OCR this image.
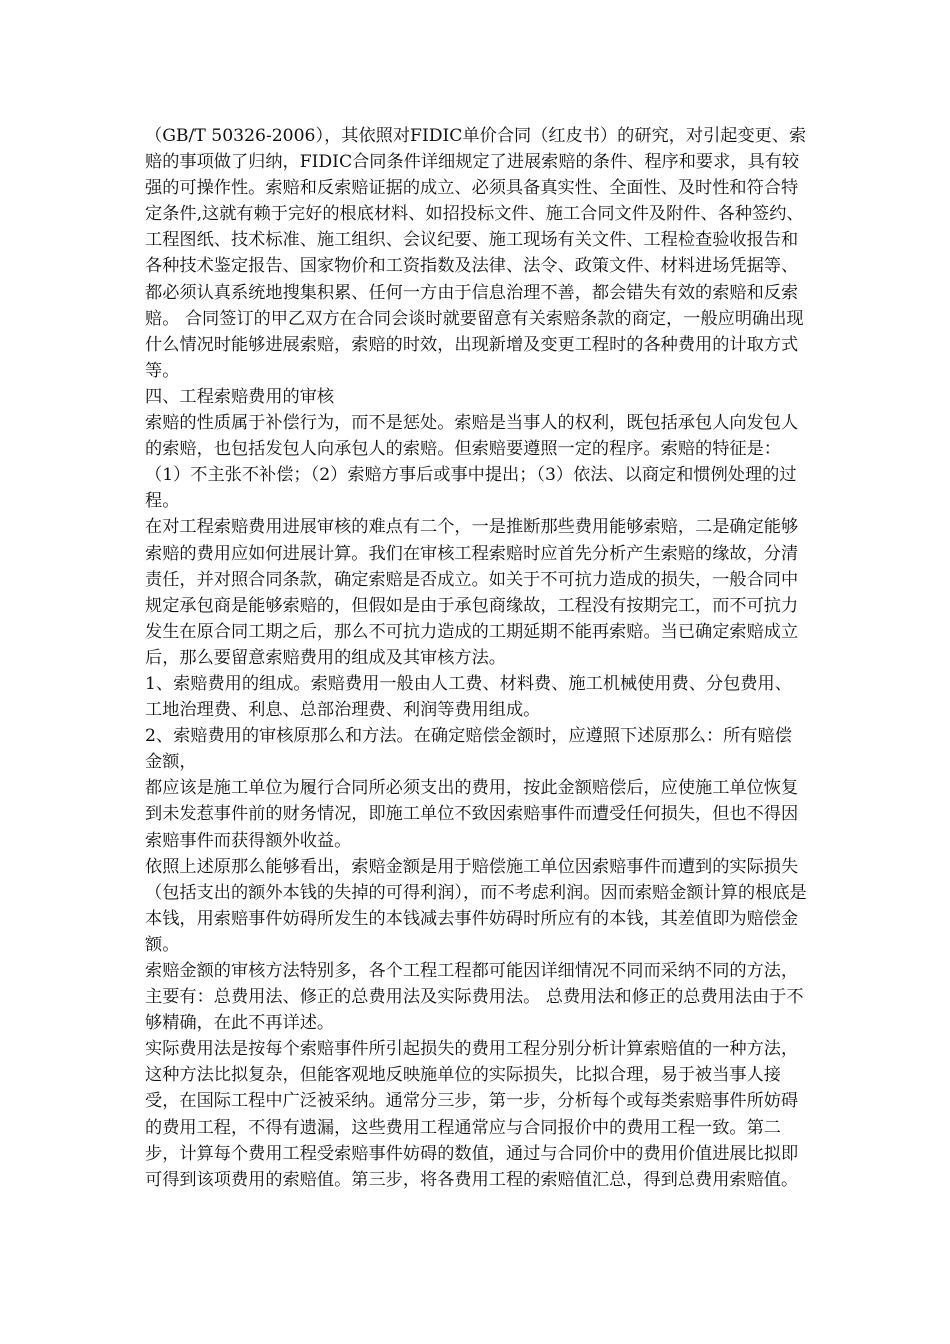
（GB/T 50326-2006），其依照对FIDIC单价合同（红皮书）的研究，对引起变更、索赔的事项做了归纳，FIDIC合同条件详细规定了进展索赔的条件、程序和要求，具有较强的可操作性。索赔和反索赔证据的成立、必须具备真实性、全面性、及时性和符合特定条件,这就有赖于完好的根底材料、如招投标文件、施工合同文件及附件、各种签约、工程图纸、技术标准、施工组织、会议纪要、施工现场有关文件、工程检查验收报告和各种技术鉴定报告、国家物价和工资指数及法律、法令、政策文件、材料进场凭据等、都必须认真系统地搜集积累、任何一方由于信息治理不善，都会错失有效的索赔和反索赔。 合同签订的甲乙双方在合同会谈时就要留意有关索赔条款的商定，一般应明确出现什么情况时能够进展索赔，索赔的时效，出现新增及变更工程时的各种费用的计取方式等。

四、工程索赔费用的审核

索赔的性质属于补偿行为，而不是惩处。索赔是当事人的权利，既包括承包人向发包人的索赔，也包括发包人向承包人的索赔。但索赔要遵照一定的程序。索赔的特征是：（1）不主张不补偿；（2）索赔方事后或事中提出；（3）依法、以商定和惯例处理的过程。

在对工程索赔费用进展审核的难点有二个，一是推断那些费用能够索赔，二是确定能够索赔的费用应如何进展计算。我们在审核工程索赔时应首先分析产生索赔的缘故，分清责任，并对照合同条款，确定索赔是否成立。如关于不可抗力造成的损失，一般合同中规定承包商是能够索赔的，但假如是由于承包商缘故，工程没有按期完工，而不可抗力发生在原合同工期之后，那么不可抗力造成的工期延期不能再索赔。当已确定索赔成立后，那么要留意索赔费用的组成及其审核方法。

1、索赔费用的组成。索赔费用一般由人工费、材料费、施工机械使用费、分包费用、工地治理费、利息、总部治理费、利润等费用组成。

2、索赔费用的审核原那么和方法。在确定赔偿金额时，应遵照下述原那么：所有赔偿金额，

都应该是施工单位为履行合同所必须支出的费用，按此金额赔偿后，应使施工单位恢复到未发惹事件前的财务情况，即施工单位不致因索赔事件而遭受任何损失，但也不得因索赔事件而获得额外收益。

依照上述原那么能够看出，索赔金额是用于赔偿施工单位因索赔事件而遭到的实际损失（包括支出的额外本钱的失掉的可得利润），而不考虑利润。因而索赔金额计算的根底是本钱，用索赔事件妨碍所发生的本钱减去事件妨碍时所应有的本钱，其差值即为赔偿金额。

索赔金额的审核方法特别多，各个工程工程都可能因详细情况不同而采纳不同的方法，主要有：总费用法、修正的总费用法及实际费用法。 总费用法和修正的总费用法由于不够精确，在此不再详述。

实际费用法是按每个索赔事件所引起损失的费用工程分别分析计算索赔值的一种方法，这种方法比拟复杂，但能客观地反映施单位的实际损失，比拟合理，易于被当事人接受，在国际工程中广泛被采纳。通常分三步，第一步，分析每个或每类索赔事件所妨碍的费用工程，不得有遗漏，这些费用工程通常应与合同报价中的费用工程一致。第二步，计算每个费用工程受索赔事件妨碍的数值，通过与合同价中的费用价值进展比拟即可得到该项费用的索赔值。第三步，将各费用工程的索赔值汇总，得到总费用索赔值。
